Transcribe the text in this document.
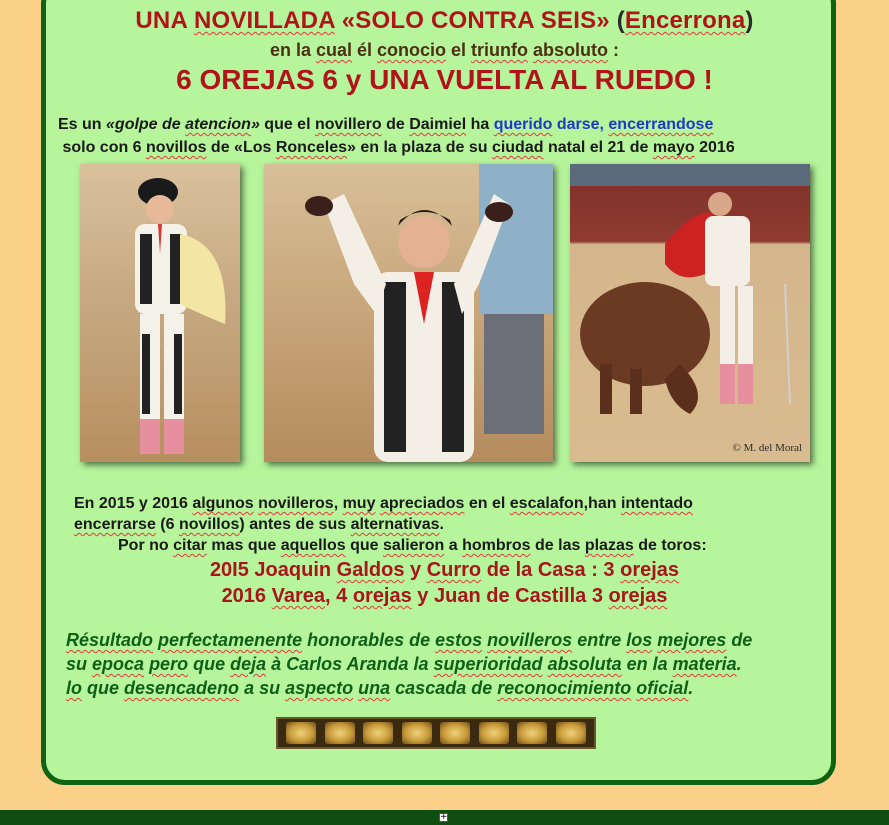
UNA NOVILLADA «SOLO CONTRA SEIS» (Encerrona)
en la cual él conocio el triunfo absoluto :
6 OREJAS 6 y UNA VUELTA AL RUEDO !
Es un «golpe de atencion» que el novillero de Daimiel ha querido darse, encerrandose
solo con 6 novillos de «Los Ronceles» en la plaza de su ciudad natal el 21 de mayo 2016
© M. del Moral
En 2015 y 2016 algunos novilleros, muy apreciados en el escalafon,han intentado
encerrarse (6 novillos) antes de sus alternativas.
Por no citar mas que aquellos que salieron a hombros de las plazas de toros:
20I5 Joaquin Galdos y Curro de la Casa : 3 orejas
2016 Varea, 4 orejas y Juan de Castilla 3 orejas
Résultado perfectamenente honorables de estos novilleros entre los mejores de
su epoca pero que deja à Carlos Aranda la superioridad absoluta en la materia.
lo que desencadeno a su aspecto una cascada de reconocimiento oficial.
+
